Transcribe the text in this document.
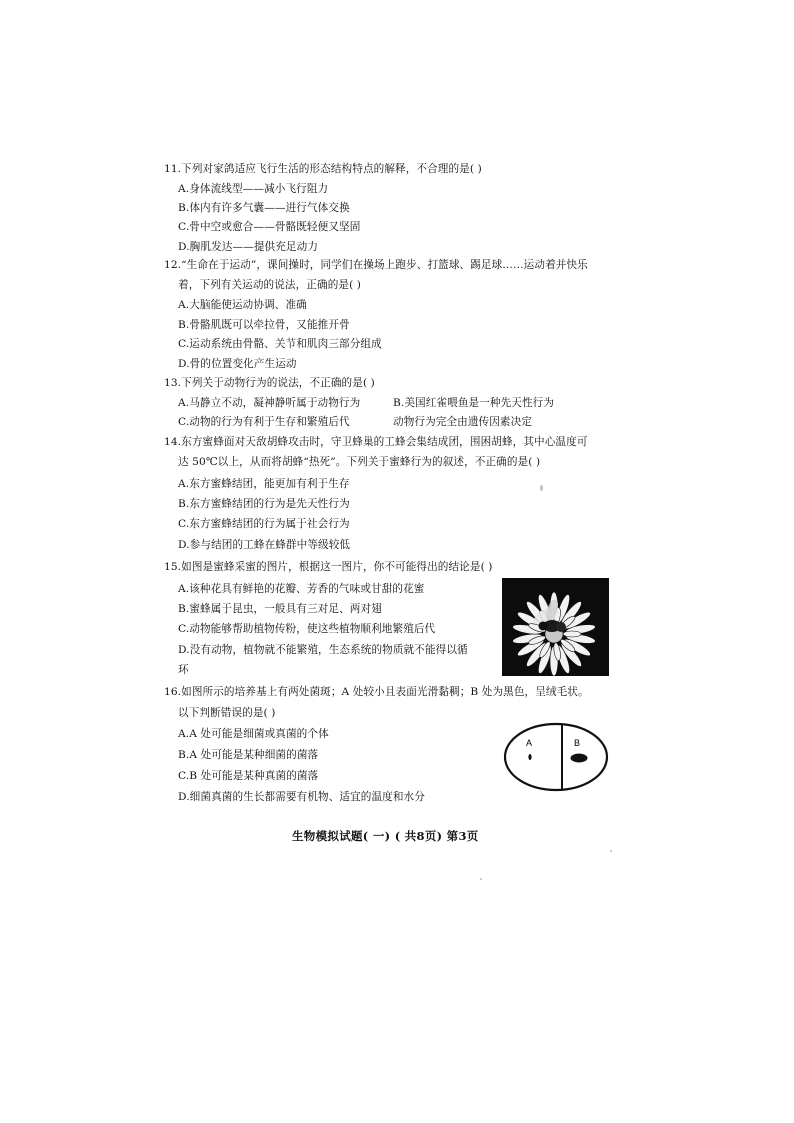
11.下列对家鸽适应飞行生活的形态结构特点的解释，不合理的是( )
A.身体流线型——减小飞行阻力
B.体内有许多气囊——进行气体交换
C.骨中空或愈合——骨骼既轻便又坚固
D.胸肌发达——提供充足动力
12.“生命在于运动”，课间操时，同学们在操场上跑步、打篮球、踢足球……运动着并快乐
着，下列有关运动的说法，正确的是( )
A.大脑能使运动协调、准确
B.骨骼肌既可以牵拉骨，又能推开骨
C.运动系统由骨骼、关节和肌肉三部分组成
D.骨的位置变化产生运动
13.下列关于动物行为的说法，不正确的是( )
A.马静立不动，凝神静听属于动物行为	B.美国红雀喂鱼是一种先天性行为
C.动物的行为有利于生存和繁殖后代	动物行为完全由遗传因素决定
14.东方蜜蜂面对天敌胡蜂攻击时，守卫蜂巢的工蜂会集结成团，围困胡蜂，其中心温度可
达 50℃以上，从而将胡蜂“热死”。下列关于蜜蜂行为的叙述，不正确的是( )
A.东方蜜蜂结团，能更加有利于生存
B.东方蜜蜂结团的行为是先天性行为
C.东方蜜蜂结团的行为属于社会行为
D.参与结团的工蜂在蜂群中等级较低
15.如图是蜜蜂采蜜的图片，根据这一图片，你不可能得出的结论是( )
A.该种花具有鲜艳的花瓣、芳香的气味或甘甜的花蜜
B.蜜蜂属于昆虫，一般具有三对足、两对翅
C.动物能够帮助植物传粉，使这些植物顺利地繁殖后代
D.没有动物，植物就不能繁殖，生态系统的物质就不能得以循
环
16.如图所示的培养基上有两处菌斑；A 处较小且表面光滑黏稠；B 处为黑色，呈绒毛状。
以下判断错误的是( )
A.A 处可能是细菌或真菌的个体
B.A 处可能是某种细菌的菌落
C.B 处可能是某种真菌的菌落
D.细菌真菌的生长都需要有机物、适宜的温度和水分
A	B
生物模拟试题( 一) ( 共8页) 第3页
